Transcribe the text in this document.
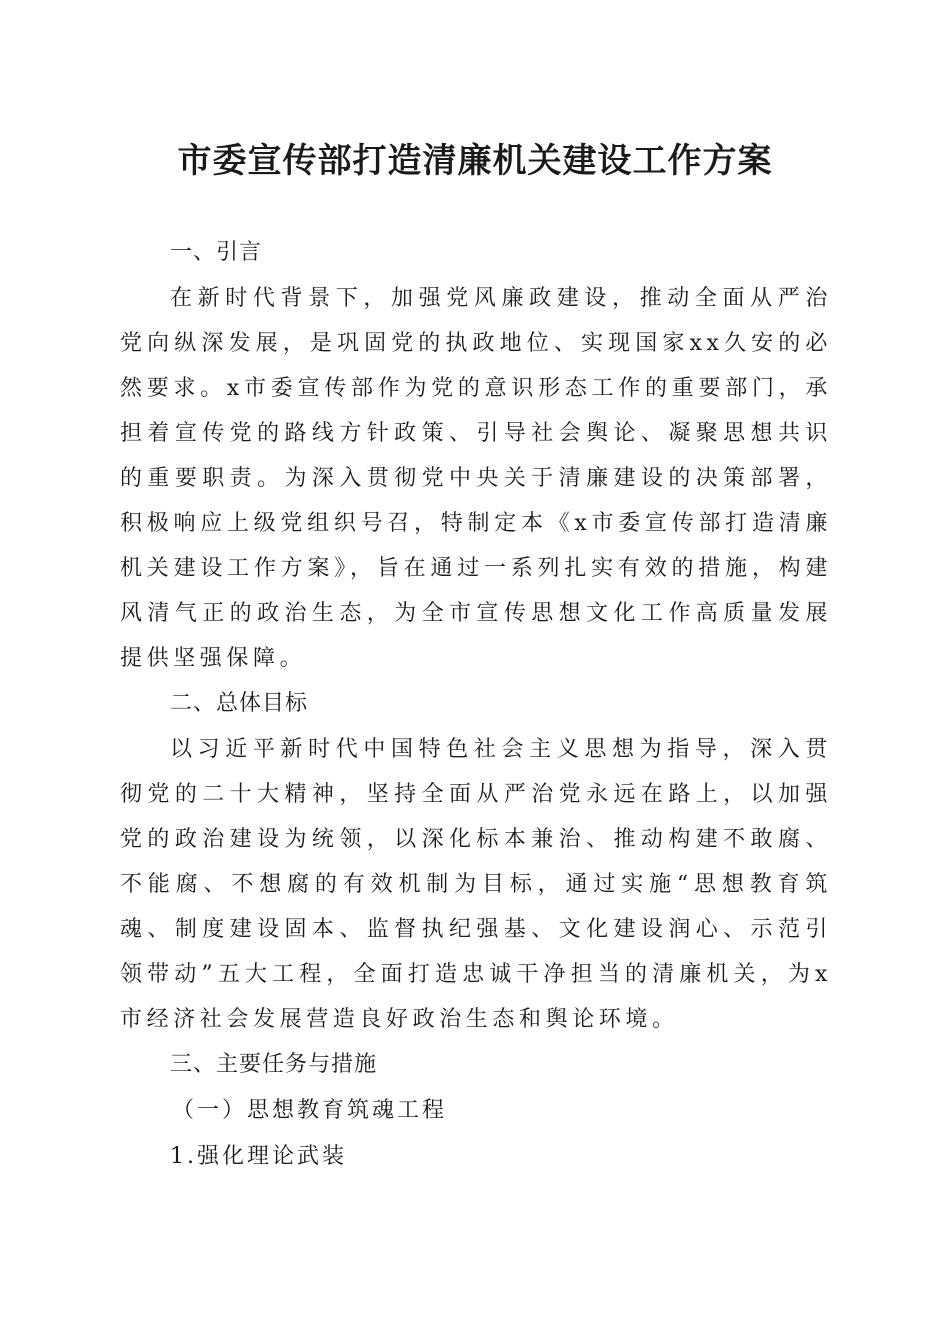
市委宣传部打造清廉机关建设工作方案
一、引言

在新时代背景下，加强党风廉政建设，推动全面从严治党向纵深发展，是巩固党的执政地位、实现国家xx久安的必然要求。x市委宣传部作为党的意识形态工作的重要部门，承担着宣传党的路线方针政策、引导社会舆论、凝聚思想共识的重要职责。为深入贯彻党中央关于清廉建设的决策部署，积极响应上级党组织号召，特制定本《x市委宣传部打造清廉机关建设工作方案》，旨在通过一系列扎实有效的措施，构建风清气正的政治生态，为全市宣传思想文化工作高质量发展提供坚强保障。

二、总体目标

以习近平新时代中国特色社会主义思想为指导，深入贯彻党的二十大精神，坚持全面从严治党永远在路上，以加强党的政治建设为统领，以深化标本兼治、推动构建不敢腐、不能腐、不想腐的有效机制为目标，通过实施“思想教育筑魂、制度建设固本、监督执纪强基、文化建设润心、示范引领带动”五大工程，全面打造忠诚干净担当的清廉机关，为x市经济社会发展营造良好政治生态和舆论环境。

三、主要任务与措施

（一）思想教育筑魂工程

1.强化理论武装
